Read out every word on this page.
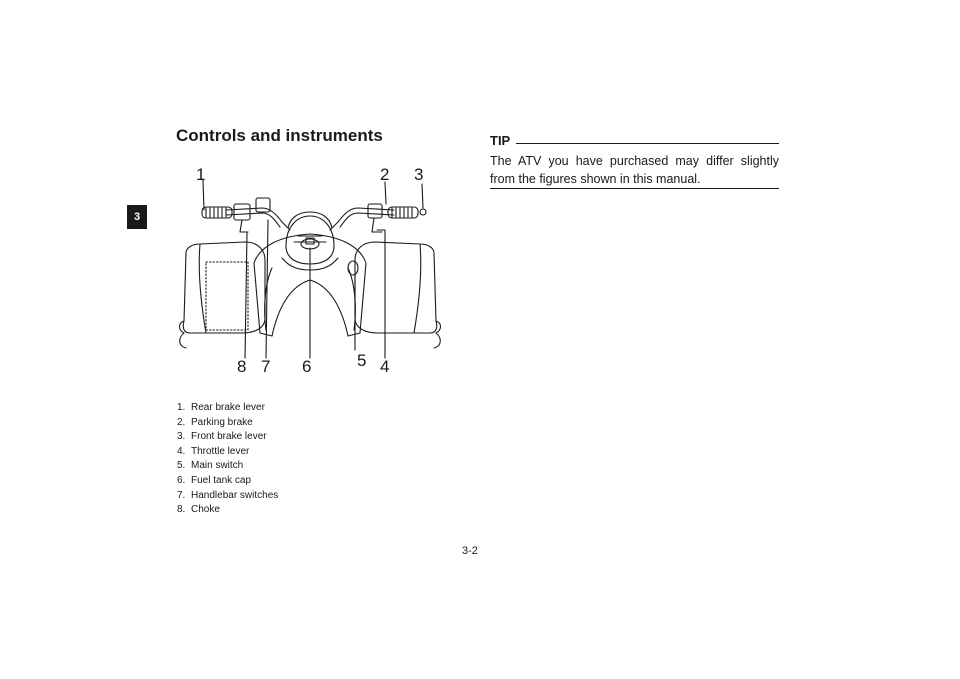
3
Controls and instruments
1	2 3
4
5
6
7
8
1. Rear brake lever
2. Parking brake
3. Front brake lever
4. Throttle lever
5. Main switch
6. Fuel tank cap
7. Handlebar switches
8. Choke
TIP

The ATV you have purchased may differ slightly from the figures shown in this manual.

3-2
